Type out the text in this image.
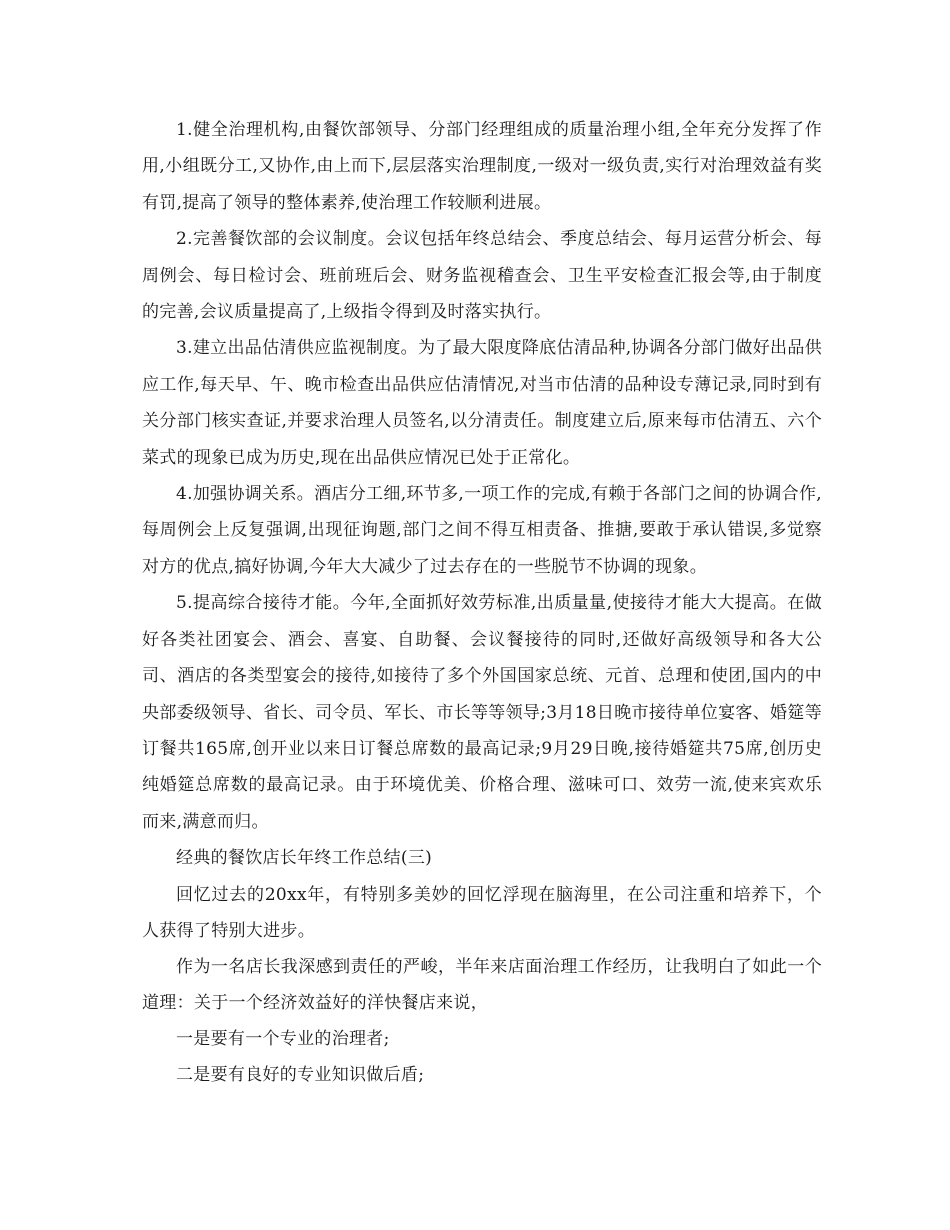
1.健全治理机构,由餐饮部领导、分部门经理组成的质量治理小组,全年充分发挥了作用,小组既分工,又协作,由上而下,层层落实治理制度,一级对一级负责,实行对治理效益有奖有罚,提高了领导的整体素养,使治理工作较顺利进展。

2.完善餐饮部的会议制度。会议包括年终总结会、季度总结会、每月运营分析会、每周例会、每日检讨会、班前班后会、财务监视稽查会、卫生平安检查汇报会等,由于制度的完善,会议质量提高了,上级指令得到及时落实执行。

3.建立出品估清供应监视制度。为了最大限度降底估清品种,协调各分部门做好出品供应工作,每天早、午、晚市检查出品供应估清情况,对当市估清的品种设专薄记录,同时到有关分部门核实查证,并要求治理人员签名,以分清责任。制度建立后,原来每市估清五、六个菜式的现象已成为历史,现在出品供应情况已处于正常化。

4.加强协调关系。酒店分工细,环节多,一项工作的完成,有赖于各部门之间的协调合作,每周例会上反复强调,出现征询题,部门之间不得互相责备、推搪,要敢于承认错误,多觉察对方的优点,搞好协调,今年大大减少了过去存在的一些脱节不协调的现象。

5.提高综合接待才能。今年,全面抓好效劳标准,出质量量,使接待才能大大提高。在做好各类社团宴会、酒会、喜宴、自助餐、会议餐接待的同时,还做好高级领导和各大公司、酒店的各类型宴会的接待,如接待了多个外国国家总统、元首、总理和使团,国内的中央部委级领导、省长、司令员、军长、市长等等领导;3月18日晚市接待单位宴客、婚筵等订餐共165席,创开业以来日订餐总席数的最高记录;9月29日晚,接待婚筵共75席,创历史纯婚筵总席数的最高记录。由于环境优美、价格合理、滋味可口、效劳一流,使来宾欢乐而来,满意而归。

经典的餐饮店长年终工作总结(三)

回忆过去的20xx年，有特别多美妙的回忆浮现在脑海里，在公司注重和培养下，个人获得了特别大进步。

作为一名店长我深感到责任的严峻，半年来店面治理工作经历，让我明白了如此一个道理：关于一个经济效益好的洋快餐店来说，

一是要有一个专业的治理者;

二是要有良好的专业知识做后盾;
